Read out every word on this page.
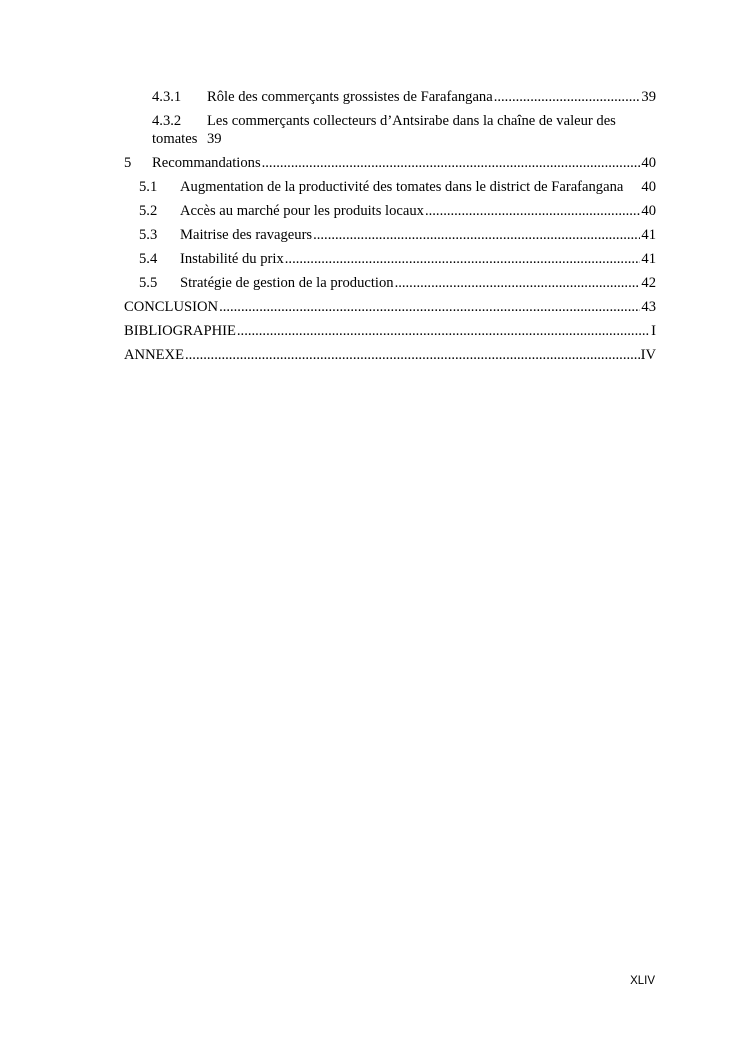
4.3.1	Rôle des commerçants grossistes de Farafangana .....	39
4.3.2	Les commerçants collecteurs d’Antsirabe dans la chaîne de valeur des
tomates 39
5	Recommandations .....	40
5.1	Augmentation de la productivité des tomates dans le district de Farafangana 40
5.2	Accès au marché pour les produits locaux .....	40
5.3	Maitrise des ravageurs .....	41
5.4	Instabilité du prix .....	41
5.5	Stratégie de gestion de la production .....	42
CONCLUSION .....	43
BIBLIOGRAPHIE .....	I
ANNEXE .....	IV
XLIV
